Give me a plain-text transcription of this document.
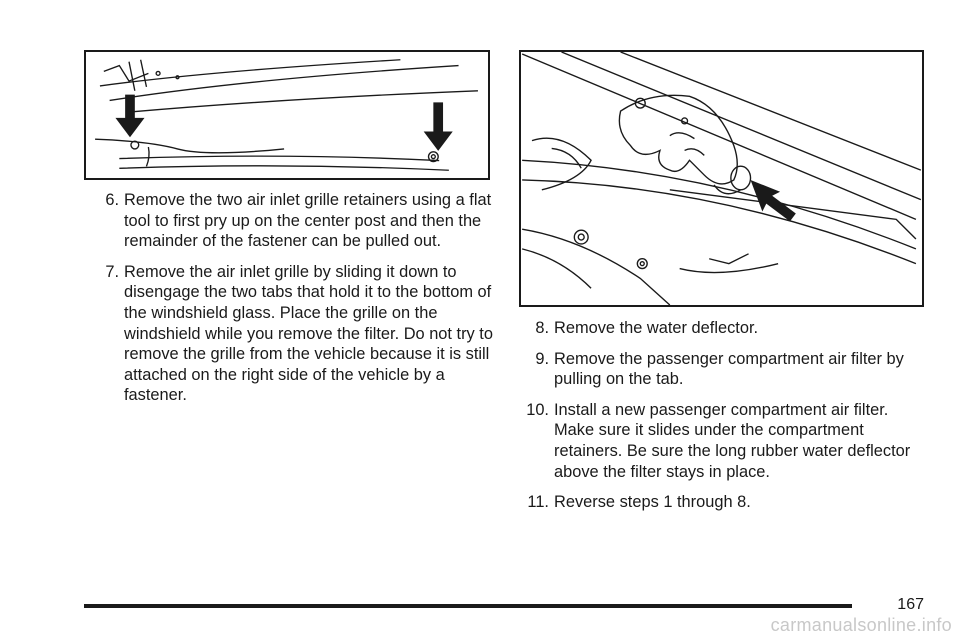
6. Remove the two air inlet grille retainers using a flat tool to first pry up on the center post and then the remainder of the fastener can be pulled out.
7. Remove the air inlet grille by sliding it down to disengage the two tabs that hold it to the bottom of the windshield glass. Place the grille on the windshield while you remove the filter. Do not try to remove the grille from the vehicle because it is still attached on the right side of the vehicle by a fastener.
8. Remove the water deflector.
9. Remove the passenger compartment air filter by pulling on the tab.
10. Install a new passenger compartment air filter. Make sure it slides under the compartment retainers. Be sure the long rubber water deflector above the filter stays in place.
11. Reverse steps 1 through 8.
167
carmanualsonline.info
